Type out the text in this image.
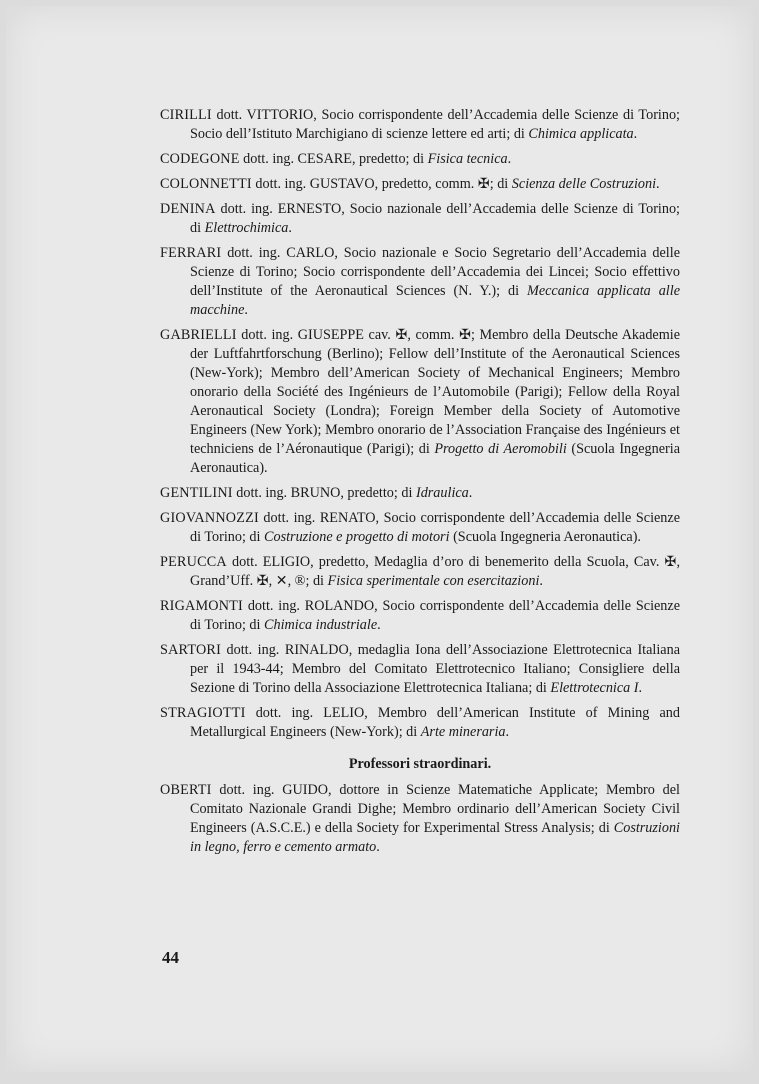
CIRILLI dott. VITTORIO, Socio corrispondente dell’Accademia delle Scienze di Torino; Socio dell’Istituto Marchigiano di scienze lettere ed arti; di Chimica applicata.

CODEGONE dott. ing. CESARE, predetto; di Fisica tecnica.

COLONNETTI dott. ing. GUSTAVO, predetto, comm. ✠; di Scienza delle Costruzioni.

DENINA dott. ing. ERNESTO, Socio nazionale dell’Accademia delle Scienze di Torino; di Elettrochimica.

FERRARI dott. ing. CARLO, Socio nazionale e Socio Segretario dell’Accademia delle Scienze di Torino; Socio corrispondente dell’Accademia dei Lincei; Socio effettivo dell’Institute of the Aeronautical Sciences (N. Y.); di Meccanica applicata alle macchine.

GABRIELLI dott. ing. GIUSEPPE cav. ✠, comm. ✠; Membro della Deutsche Akademie der Luftfahrtforschung (Berlino); Fellow dell’Institute of the Aeronautical Sciences (New-York); Membro dell’American Society of Mechanical Engineers; Membro onorario della Société des Ingénieurs de l’Automobile (Parigi); Fellow della Royal Aeronautical Society (Londra); Foreign Member della Society of Automotive Engineers (New York); Membro onorario de l’Association Française des Ingénieurs et techniciens de l’Aéronautique (Parigi); di Progetto di Aeromobili (Scuola Ingegneria Aeronautica).

GENTILINI dott. ing. BRUNO, predetto; di Idraulica.

GIOVANNOZZI dott. ing. RENATO, Socio corrispondente dell’Accademia delle Scienze di Torino; di Costruzione e progetto di motori (Scuola Ingegneria Aeronautica).

PERUCCA dott. ELIGIO, predetto, Medaglia d’oro di benemerito della Scuola, Cav. ✠, Grand’Uff. ✠, ✕, ®; di Fisica sperimentale con esercitazioni.

RIGAMONTI dott. ing. ROLANDO, Socio corrispondente dell’Accademia delle Scienze di Torino; di Chimica industriale.

SARTORI dott. ing. RINALDO, medaglia Iona dell’Associazione Elettrotecnica Italiana per il 1943-44; Membro del Comitato Elettrotecnico Italiano; Consigliere della Sezione di Torino della Associazione Elettrotecnica Italiana; di Elettrotecnica I.

STRAGIOTTI dott. ing. LELIO, Membro dell’American Institute of Mining and Metallurgical Engineers (New-York); di Arte mineraria.

Professori straordinari.

OBERTI dott. ing. GUIDO, dottore in Scienze Matematiche Applicate; Membro del Comitato Nazionale Grandi Dighe; Membro ordinario dell’American Society Civil Engineers (A.S.C.E.) e della Society for Experimental Stress Analysis; di Costruzioni in legno, ferro e cemento armato.

44
